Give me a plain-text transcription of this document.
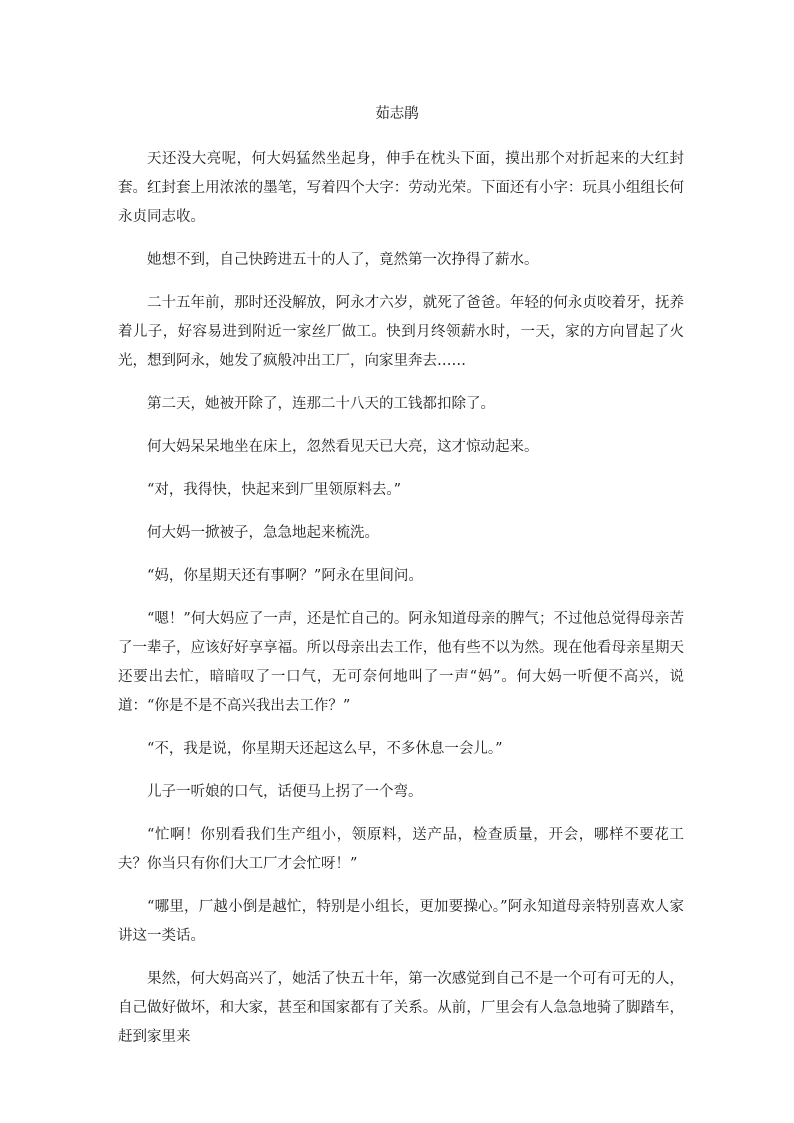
茹志鹃

天还没大亮呢，何大妈猛然坐起身，伸手在枕头下面，摸出那个对折起来的大红封套。红封套上用浓浓的墨笔，写着四个大字：劳动光荣。下面还有小字：玩具小组组长何永贞同志收。

她想不到，自己快跨进五十的人了，竟然第一次挣得了薪水。

二十五年前，那时还没解放，阿永才六岁，就死了爸爸。年轻的何永贞咬着牙，抚养着儿子，好容易进到附近一家丝厂做工。快到月终领薪水时，一天，家的方向冒起了火光，想到阿永，她发了疯般冲出工厂，向家里奔去……

第二天，她被开除了，连那二十八天的工钱都扣除了。

何大妈呆呆地坐在床上，忽然看见天已大亮，这才惊动起来。

“对，我得快，快起来到厂里领原料去。”

何大妈一掀被子，急急地起来梳洗。

“妈，你星期天还有事啊？”阿永在里间问。

“嗯！”何大妈应了一声，还是忙自己的。阿永知道母亲的脾气；不过他总觉得母亲苦了一辈子，应该好好享享福。所以母亲出去工作，他有些不以为然。现在他看母亲星期天还要出去忙，暗暗叹了一口气，无可奈何地叫了一声“妈”。何大妈一听便不高兴，说道：“你是不是不高兴我出去工作？”

“不，我是说，你星期天还起这么早，不多休息一会儿。”

儿子一听娘的口气，话便马上拐了一个弯。

“忙啊！你别看我们生产组小，领原料，送产品，检查质量，开会，哪样不要花工夫？你当只有你们大工厂才会忙呀！”

“哪里，厂越小倒是越忙，特别是小组长，更加要操心。”阿永知道母亲特别喜欢人家讲这一类话。

果然，何大妈高兴了，她活了快五十年，第一次感觉到自己不是一个可有可无的人，自己做好做坏，和大家，甚至和国家都有了关系。从前，厂里会有人急急地骑了脚踏车，赶到家里来
